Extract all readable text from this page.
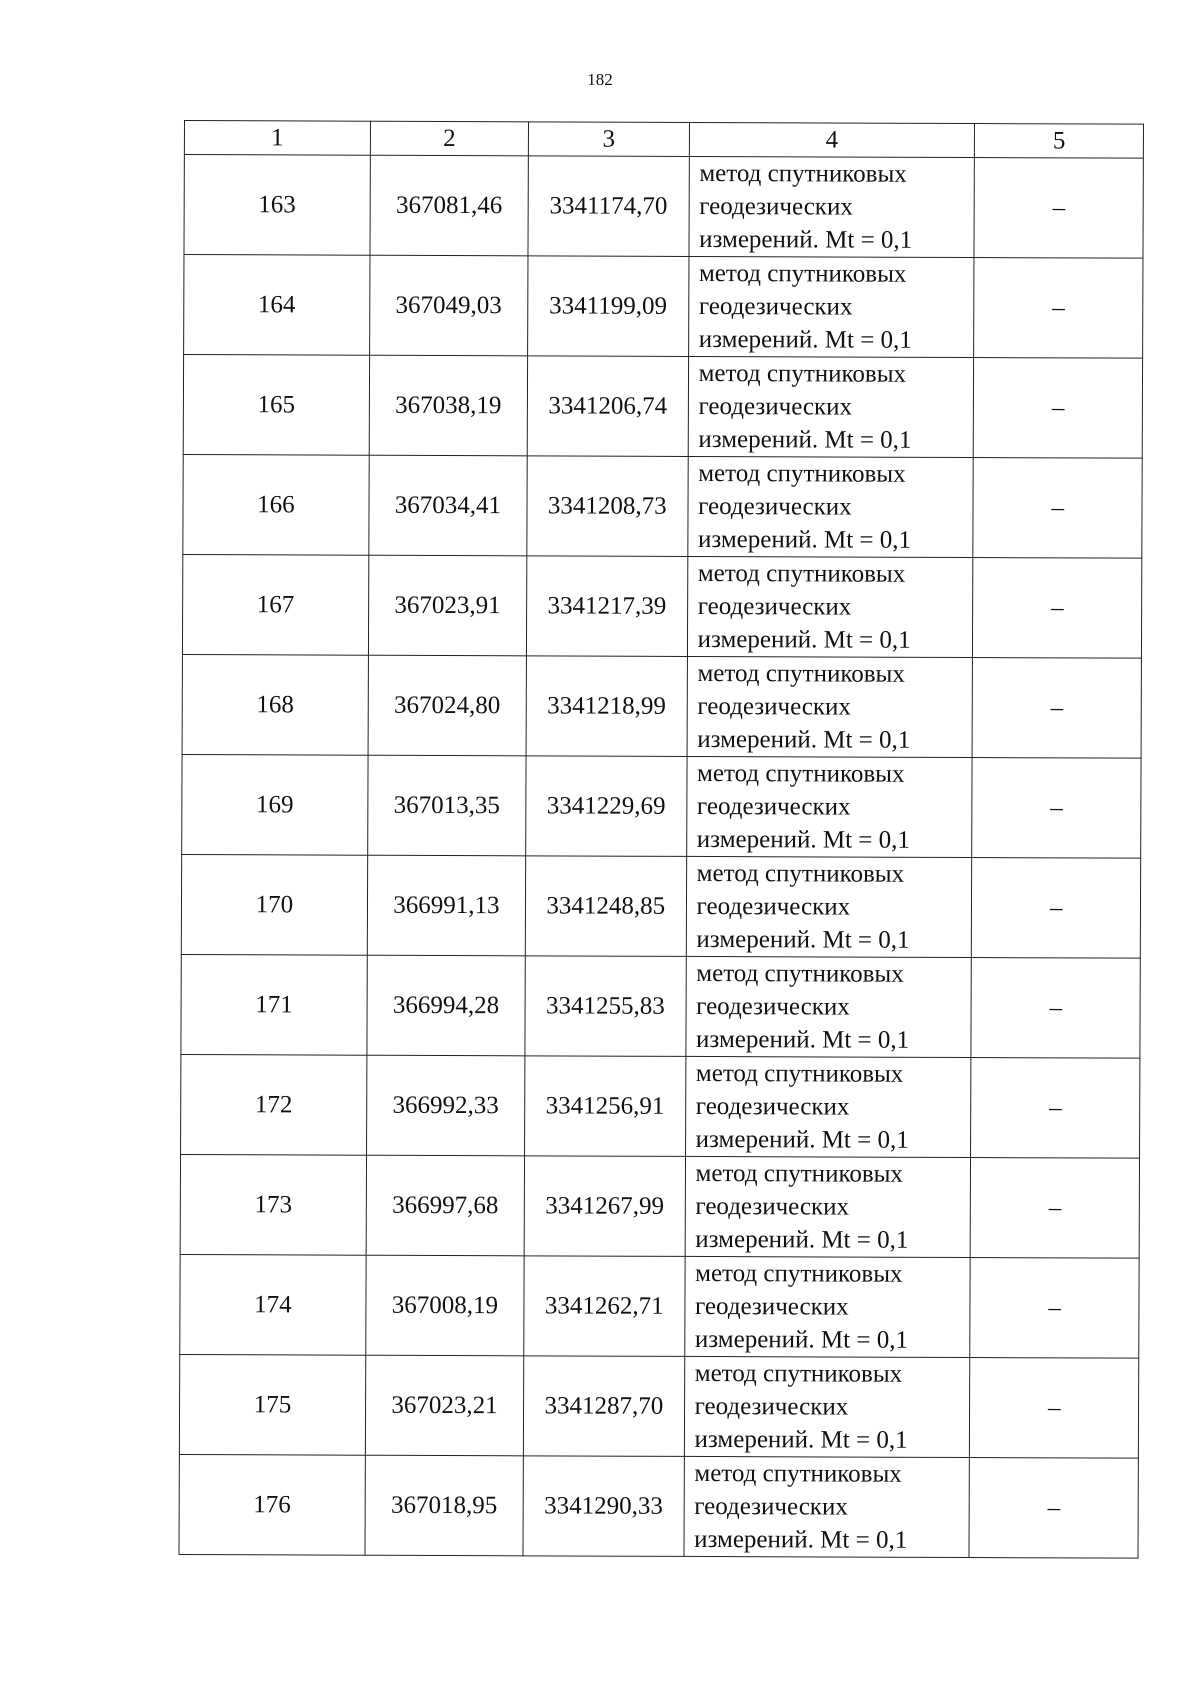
182
1	2	3	4	5
163	367081,46	3341174,70	метод спутниковых
геодезических
измерений. Mt = 0,1	–
164	367049,03	3341199,09	метод спутниковых
геодезических
измерений. Mt = 0,1	–
165	367038,19	3341206,74	метод спутниковых
геодезических
измерений. Mt = 0,1	–
166	367034,41	3341208,73	метод спутниковых
геодезических
измерений. Mt = 0,1	–
167	367023,91	3341217,39	метод спутниковых
геодезических
измерений. Mt = 0,1	–
168	367024,80	3341218,99	метод спутниковых
геодезических
измерений. Mt = 0,1	–
169	367013,35	3341229,69	метод спутниковых
геодезических
измерений. Mt = 0,1	–
170	366991,13	3341248,85	метод спутниковых
геодезических
измерений. Mt = 0,1	–
171	366994,28	3341255,83	метод спутниковых
геодезических
измерений. Mt = 0,1	–
172	366992,33	3341256,91	метод спутниковых
геодезических
измерений. Mt = 0,1	–
173	366997,68	3341267,99	метод спутниковых
геодезических
измерений. Mt = 0,1	–
174	367008,19	3341262,71	метод спутниковых
геодезических
измерений. Mt = 0,1	–
175	367023,21	3341287,70	метод спутниковых
геодезических
измерений. Mt = 0,1	–
176	367018,95	3341290,33	метод спутниковых
геодезических
измерений. Mt = 0,1	–
